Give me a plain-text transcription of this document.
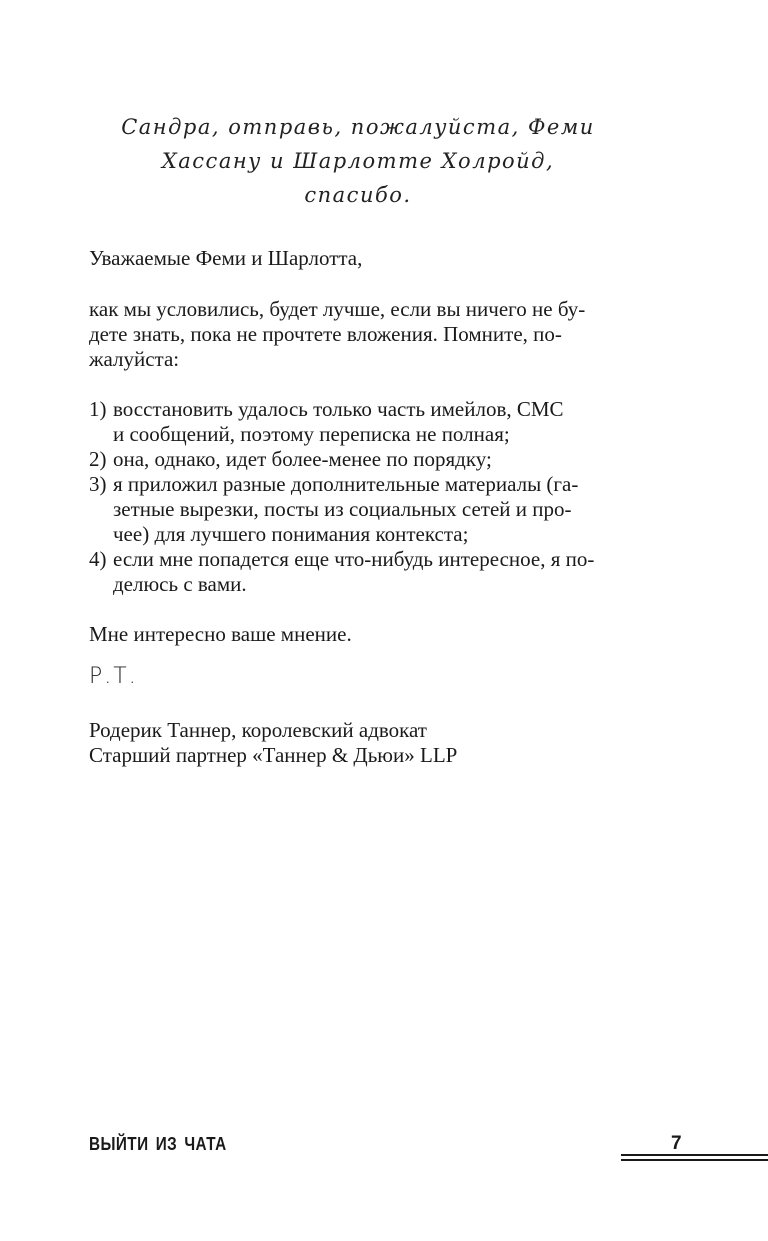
Сандра, отправь, пожалуйста, Феми
Хассану и Шарлотте Холройд, спасибо.
Уважаемые Феми и Шарлотта,
как мы условились, будет лучше, если вы ничего не бу-
дете знать, пока не прочтете вложения. Помните, по-
жалуйста:
1) восстановить удалось только часть имейлов, СМС
и сообщений, поэтому переписка не полная;
2) она, однако, идет более-менее по порядку;
3) я приложил разные дополнительные материалы (га-
зетные вырезки, посты из социальных сетей и про-
чее) для лучшего понимания контекста;
4) если мне попадется еще что-нибудь интересное, я по-
делюсь с вами.
Мне интересно ваше мнение.
Р.Т.
Родерик Таннер, королевский адвокат
Старший партнер «Таннер & Дьюи» LLP
ВЫЙТИ ИЗ ЧАТА	7
